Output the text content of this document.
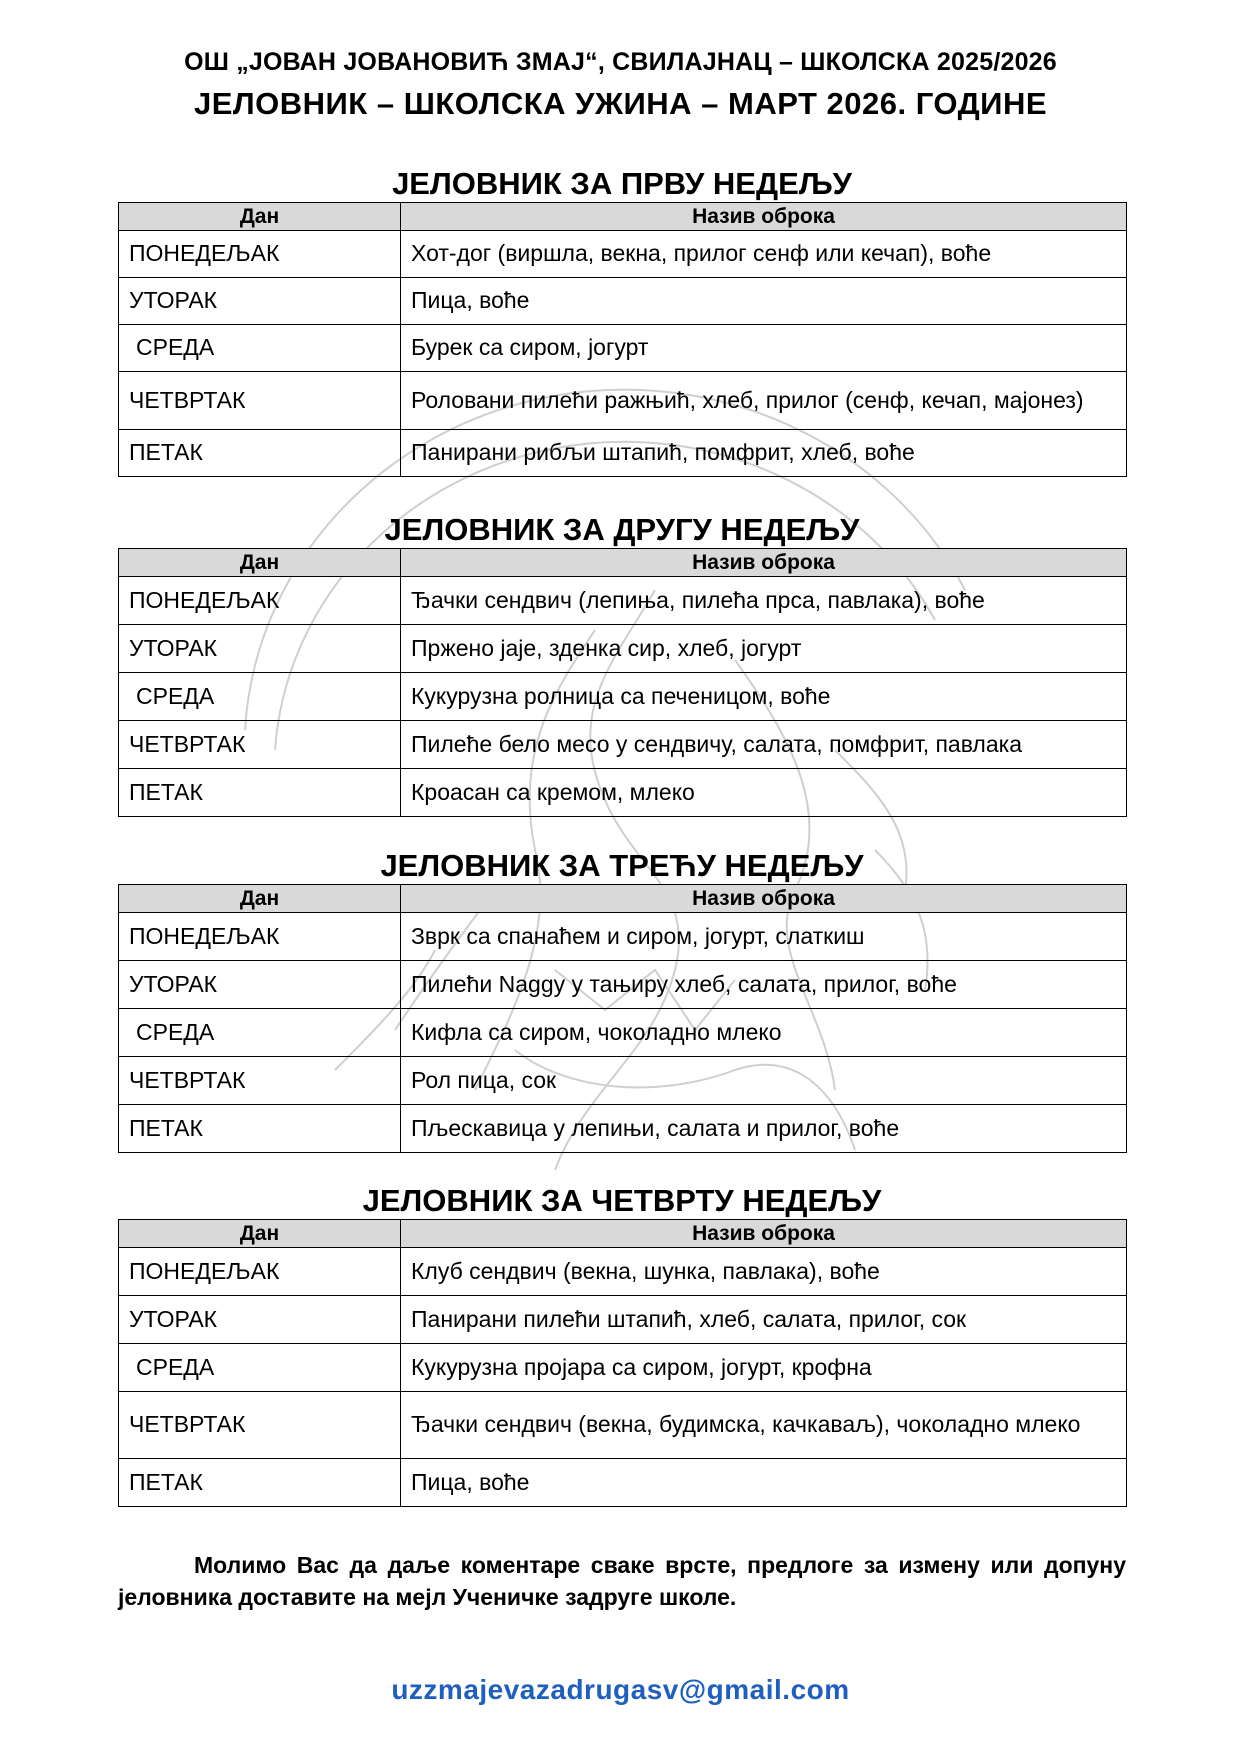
ОШ „ЈОВАН ЈОВАНОВИЋ ЗМАЈ“, СВИЛАЈНАЦ – ШКОЛСКА 2025/2026
ЈЕЛОВНИК – ШКОЛСКА УЖИНА – МАРТ 2026. ГОДИНЕ
ЈЕЛОВНИК ЗА ПРВУ НЕДЕЉУ
Дан	Назив оброка
ПОНЕДЕЉАК	Хот-дог (виршла, векна, прилог сенф или кечап), воће
УТОРАК	Пица, воће
СРЕДА	Бурек са сиром, јогурт
ЧЕТВРТАК	Роловани пилећи ражњић, хлеб, прилог (сенф, кечап, мајонез)
ПЕТАК	Панирани рибљи штапић, помфрит, хлеб, воће
ЈЕЛОВНИК ЗА ДРУГУ НЕДЕЉУ
Дан	Назив оброка
ПОНЕДЕЉАК	Ђачки сендвич (лепиња, пилећа прса, павлака), воће
УТОРАК	Пржено јаје, зденка сир, хлеб, јогурт
СРЕДА	Кукурузна ролница са печеницом, воће
ЧЕТВРТАК	Пилеће бело месо у сендвичу, салата, помфрит, павлака
ПЕТАК	Кроасан са кремом, млеко
ЈЕЛОВНИК ЗА ТРЕЋУ НЕДЕЉУ
Дан	Назив оброка
ПОНЕДЕЉАК	Зврк са спанаћем и сиром, јогурт, слаткиш
УТОРАК	Пилећи Naggy у тањиру хлеб, салата, прилог, воће
СРЕДА	Кифла са сиром, чоколадно млеко
ЧЕТВРТАК	Рол пица, сок
ПЕТАК	Пљескавица у лепињи, салата и прилог, воће
ЈЕЛОВНИК ЗА ЧЕТВРТУ НЕДЕЉУ
Дан	Назив оброка
ПОНЕДЕЉАК	Клуб сендвич (векна, шунка, павлака), воће
УТОРАК	Панирани пилећи штапић, хлеб, салата, прилог, сок
СРЕДА	Кукурузна пројара са сиром, јогурт, крофна
ЧЕТВРТАК	Ђачки сендвич (векна, будимска, качкаваљ), чоколадно млеко
ПЕТАК	Пица, воће

Молимо Вас да даље коментаре сваке врсте, предлоге за измену или допуну јеловника доставите на мејл Ученичке задруге школе.

uzzmajevazadrugasv@gmail.com
